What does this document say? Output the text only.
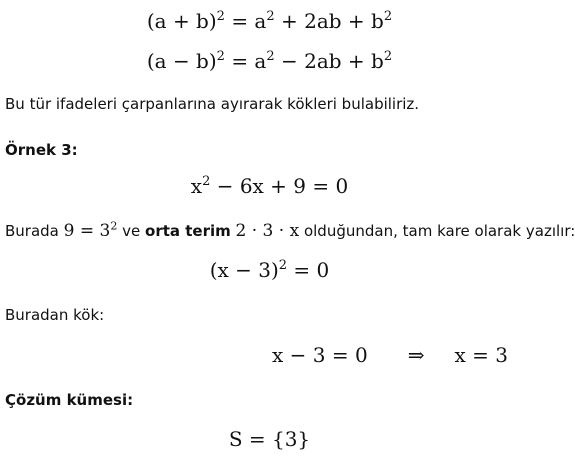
$(a + b)^2 = a^2 + 2ab + b^2$
$(a - b)^2 = a^2 - 2ab + b^2$
Bu tür ifadeleri çarpanlarına ayırarak kökleri bulabiliriz.
Örnek 3:
$x^2 - 6x + 9 = 0$
Burada $9 = 3^2$ ve orta terim 2 · 3 · x olduğundan, tam kare olarak yazılır:
$(x - 3)^2 = 0$
Buradan kök:
x − 3 = 0 ⇒ x = 3
Çözüm kümesi:
S = {3}
